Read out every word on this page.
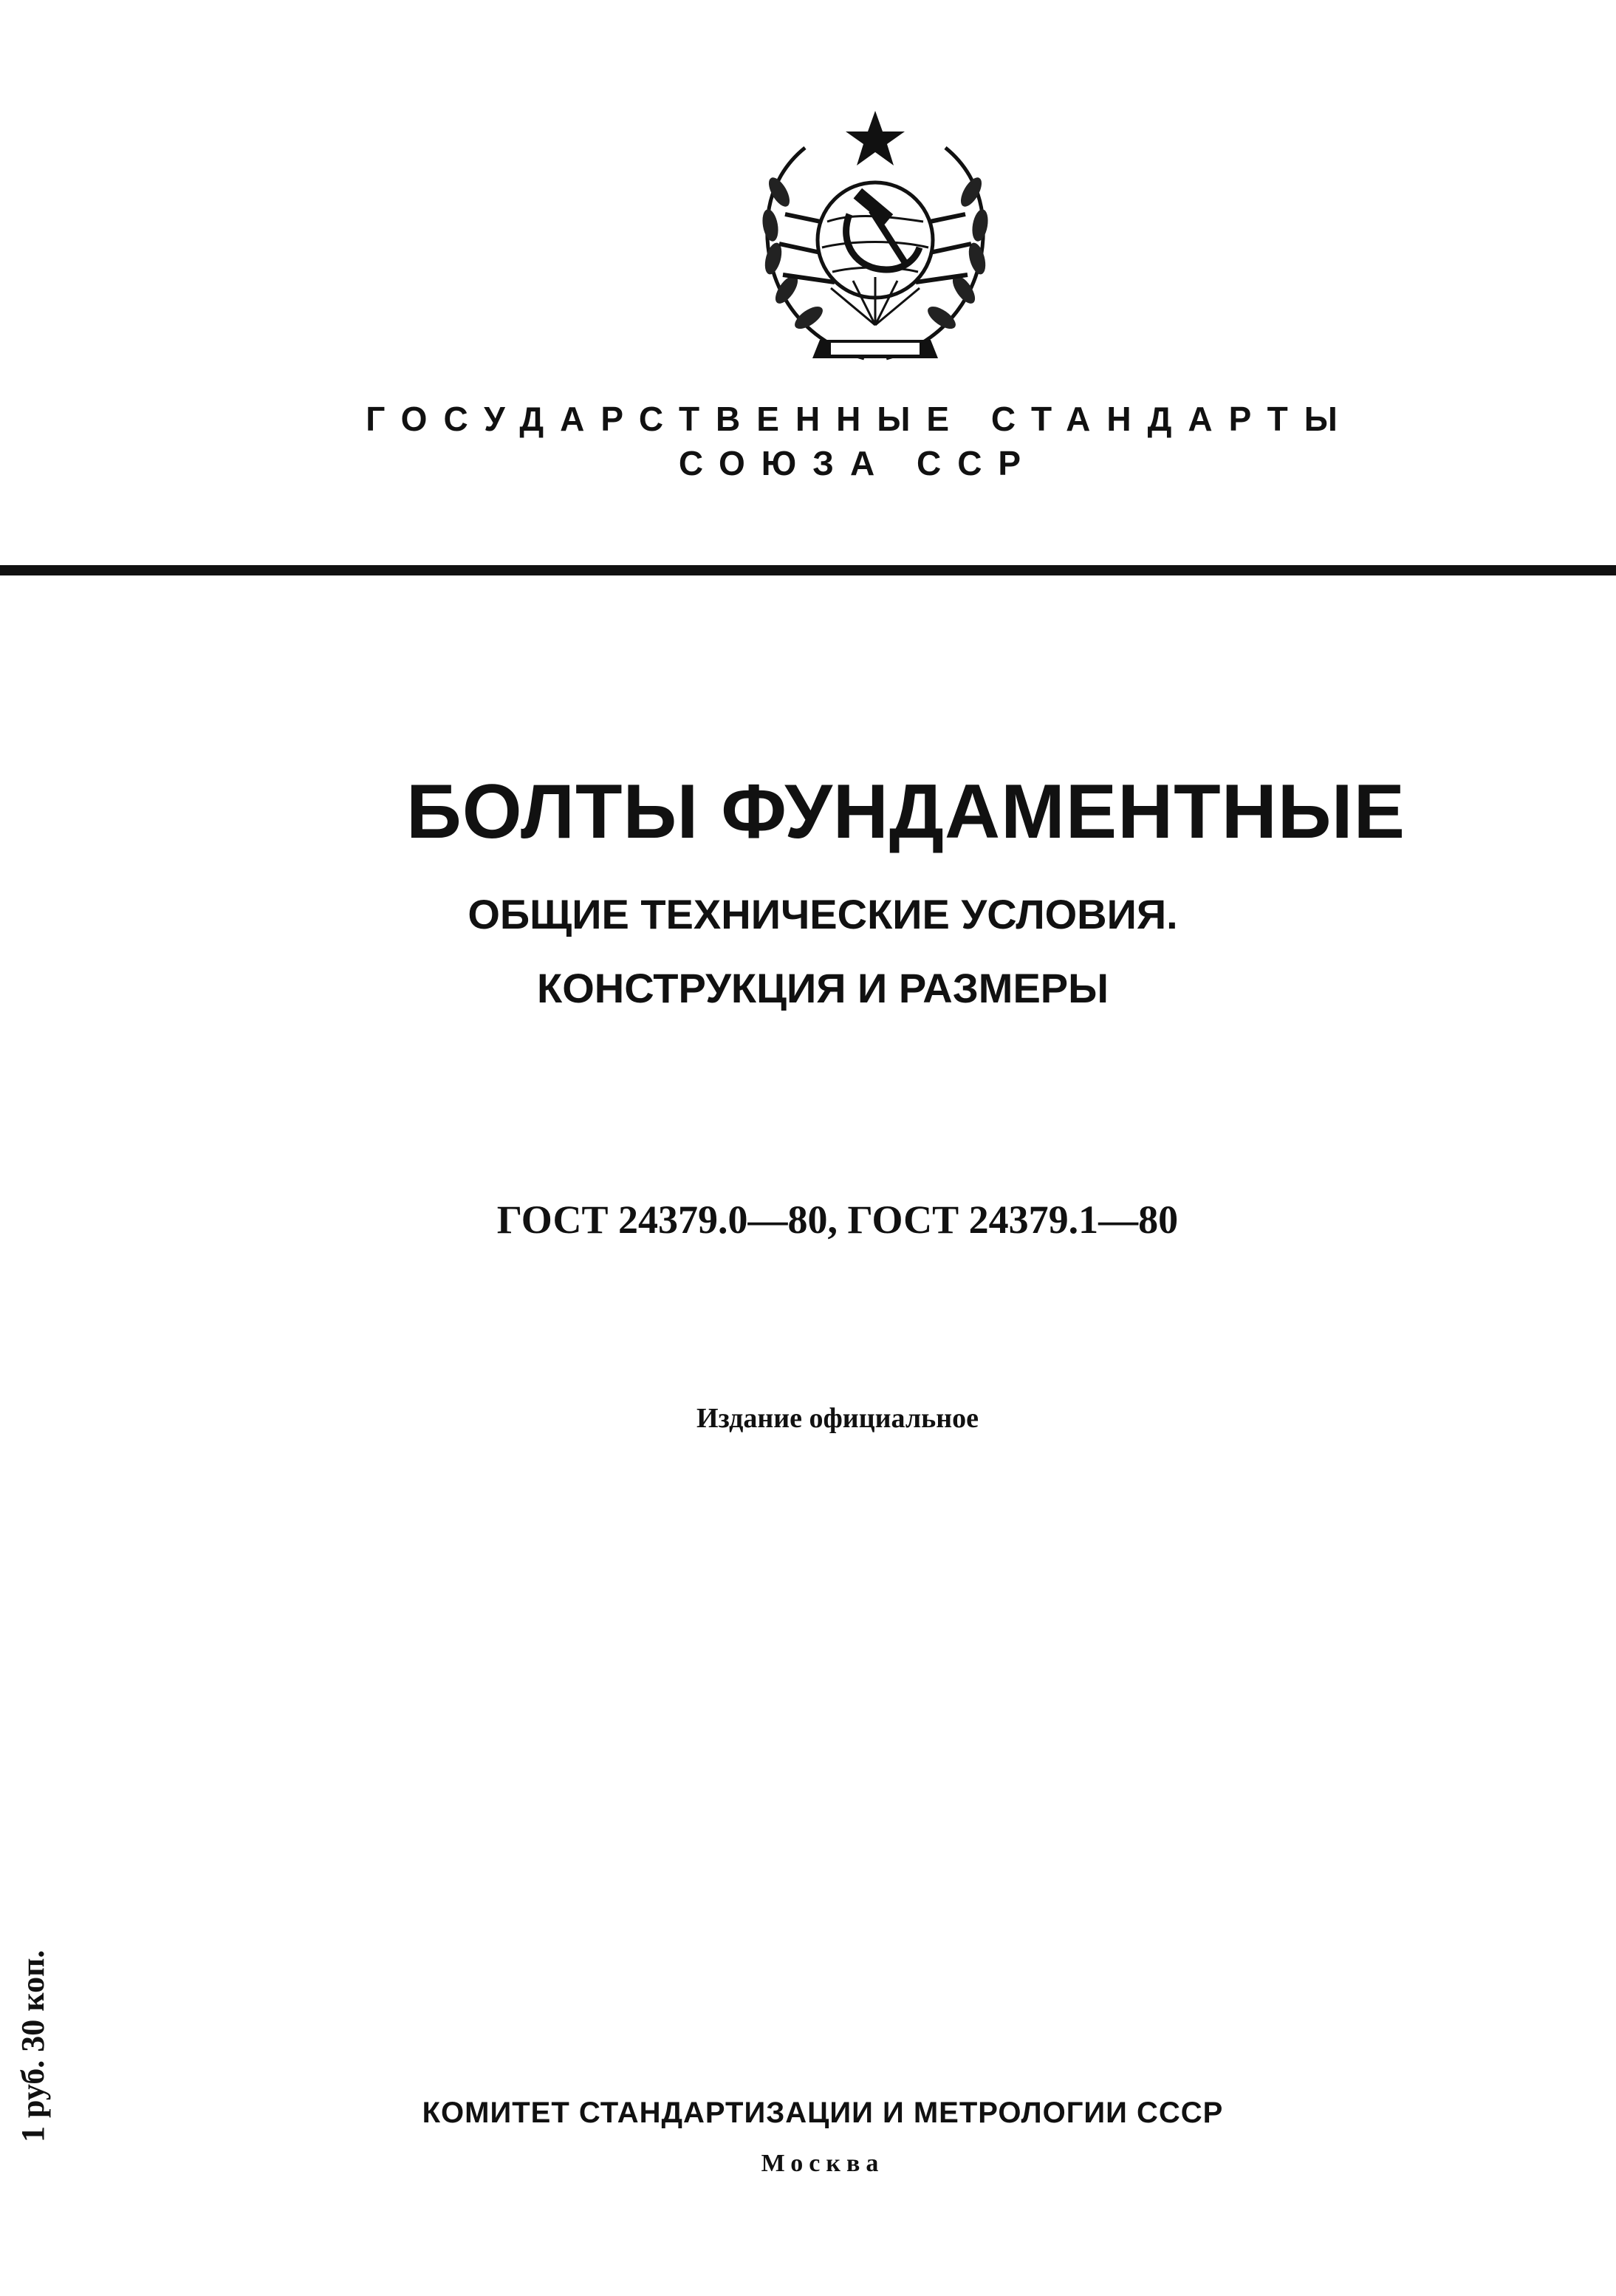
ГОСУДАРСТВЕННЫЕ СТАНДАРТЫ
СОЮЗА ССР
БОЛТЫ ФУНДАМЕНТНЫЕ
ОБЩИЕ ТЕХНИЧЕСКИЕ УСЛОВИЯ.
КОНСТРУКЦИЯ И РАЗМЕРЫ
ГОСТ 24379.0—80, ГОСТ 24379.1—80
Издание официальное
1 руб. 30 коп.	КОМИТЕТ СТАНДАРТИЗАЦИИ И МЕТРОЛОГИИ СССР
Москва
